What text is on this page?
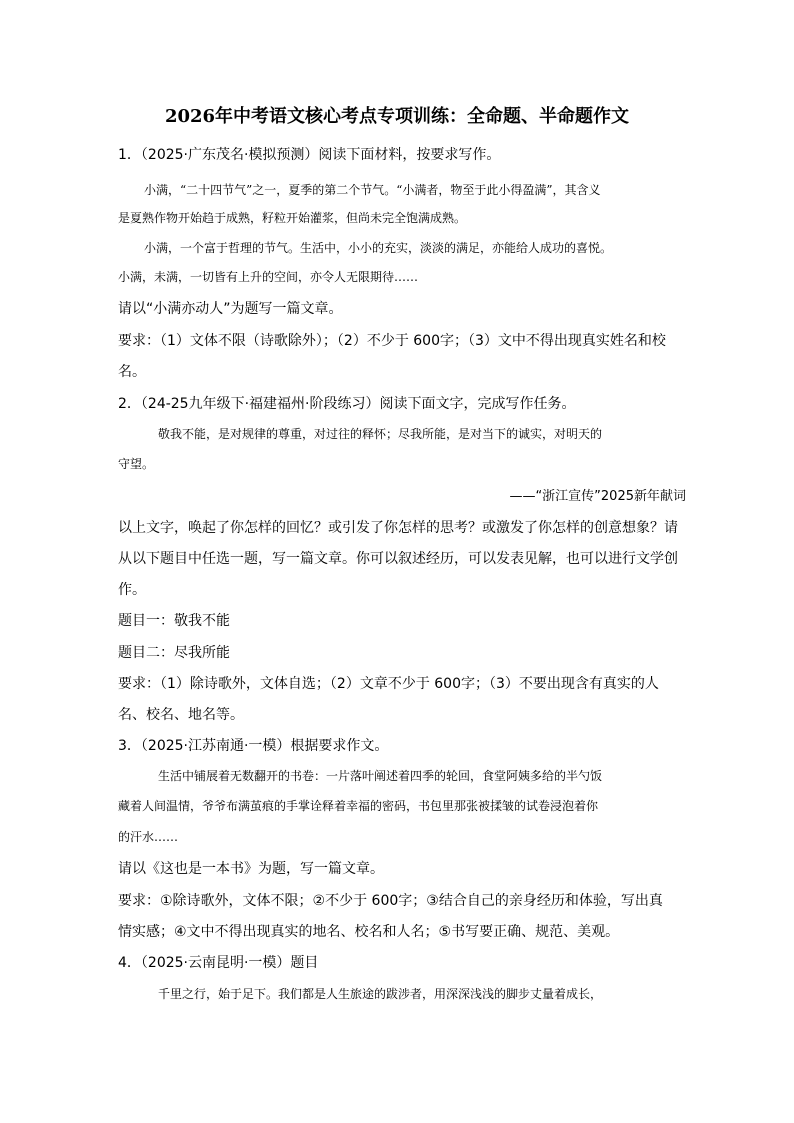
2026年中考语文核心考点专项训练：全命题、半命题作文

1．（2025·广东茂名·模拟预测）阅读下面材料，按要求写作。

小满，“二十四节气”之一，夏季的第二个节气。“小满者，物至于此小得盈满”，其含义

是夏熟作物开始趋于成熟，籽粒开始灌浆，但尚未完全饱满成熟。

小满，一个富于哲理的节气。生活中，小小的充实，淡淡的满足，亦能给人成功的喜悦。

小满，未满，一切皆有上升的空间，亦令人无限期待……

请以“小满亦动人”为题写一篇文章。

要求：（1）文体不限（诗歌除外）；（2）不少于 600字；（3）文中不得出现真实姓名和校

名。

2．（24-25九年级下·福建福州·阶段练习）阅读下面文字，完成写作任务。

敬我不能，是对规律的尊重，对过往的释怀；尽我所能，是对当下的诚实，对明天的

守望。

——“浙江宣传”2025新年献词

以上文字，唤起了你怎样的回忆？或引发了你怎样的思考？或激发了你怎样的创意想象？请

从以下题目中任选一题，写一篇文章。你可以叙述经历，可以发表见解，也可以进行文学创

作。

题目一：敬我不能

题目二：尽我所能

要求：（1）除诗歌外，文体自选；（2）文章不少于 600字；（3）不要出现含有真实的人

名、校名、地名等。

3．（2025·江苏南通·一模）根据要求作文。

生活中铺展着无数翻开的书卷：一片落叶阐述着四季的轮回，食堂阿姨多给的半勺饭

藏着人间温情，爷爷布满茧痕的手掌诠释着幸福的密码，书包里那张被揉皱的试卷浸泡着你

的汗水……

请以《这也是一本书》为题，写一篇文章。

要求：①除诗歌外，文体不限；②不少于 600字；③结合自己的亲身经历和体验，写出真

情实感；④文中不得出现真实的地名、校名和人名；⑤书写要正确、规范、美观。

4．（2025·云南昆明·一模）题目

千里之行，始于足下。我们都是人生旅途的跋涉者，用深深浅浅的脚步丈量着成长，
